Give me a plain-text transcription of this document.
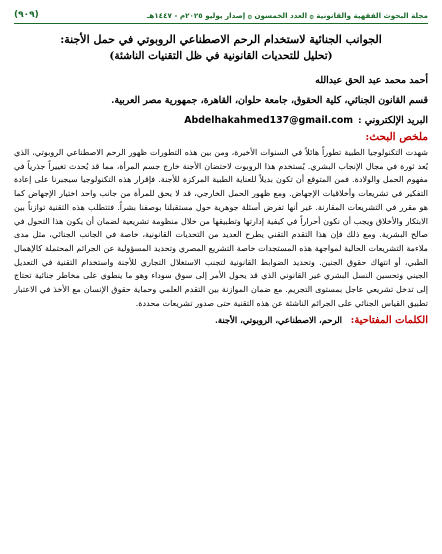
مجلة البحوث الفقهية والقانونية ۞ العدد الخمسون ۞ إصدار يوليو ٢٠٢٥م - ١٤٤٧هـ
(٩٠٩)
الجوانب الجنائية لاستخدام الرحم الاصطناعي الروبوتي في حمل الأجنة:
(تحليل للتحديات القانونية في ظل التقنيات الناشئة)
أحمد محمد عبد الحق عبدالله
قسم القانون الجنائي، كلية الحقوق، جامعة حلوان، القاهرة، جمهورية مصر العربية.
البريد الإلكتروني :
Abdelhakahmed137@gmail.com
ملخص البحث:

شهدت التكنولوجيا الطبية تطوراً هائلاً في السنوات الأخيرة، ومن بين هذه التطورات ظهور الرحم الاصطناعي الروبوتي، الذي يُعد ثورة في مجال الإنجاب البشري. يُستخدم هذا الروبوت لاحتضان الأجنة خارج جسم المرأة، مما قد يُحدث تغييراً جذرياً في مفهوم الحمل والولادة. فمن المتوقع أن تكون بديلاً للعناية الطبية المركزة للأجنة. فإقرار هذه التكنولوجيا سيجبرنا على إعادة التفكير في تشريعات وأخلاقيات الإجهاض. ومع ظهور الحمل الخارجي، قد لا يحق للمرأة من جانب واحد اختيار الإجهاض كما هو مقرر في التشريعات المقارنة. غير أنها تفرض أسئلة جوهرية حول مستقبلنا بوصفنا بشراً. فتتطلب هذه التقنية توازناً بين الابتكار والأخلاق ويجب أن نكون أحراراً في كيفية إدارتها وتطبيقها من خلال منظومة تشريعية لضمان أن يكون هذا التحول في صالح البشرية. ومع ذلك فإن هذا التقدم التقني يطرح العديد من التحديات القانونية، خاصة في الجانب الجنائي، مثل مدى ملاءمة التشريعات الحالية لمواجهة هذه المستجدات خاصة التشريع المصري وتحديد المسؤولية عن الجرائم المحتملة كالإهمال الطبي، أو انتهاك حقوق الجنين. وتحديد الضوابط القانونية لتجنب الاستغلال التجاري للأجنة واستخدام التقنية في التعديل الجيني وتحسين النسل البشري غير القانوني الذي قد يحول الأمر إلى سوق سوداء وهو ما ينطوي على مخاطر جنائية تحتاج إلى تدخل تشريعي عاجل بمستوى التجريم. مع ضمان الموازنة بين التقدم العلمي وحماية حقوق الإنسان مع الأخذ في الاعتبار تطبيق القياس الجنائي على الجرائم الناشئة عن هذه التقنية حتى صدور تشريعات محددة.

الكلمات المفتاحية: الرحم، الاصطناعي، الروبوتي، الأجنة.
